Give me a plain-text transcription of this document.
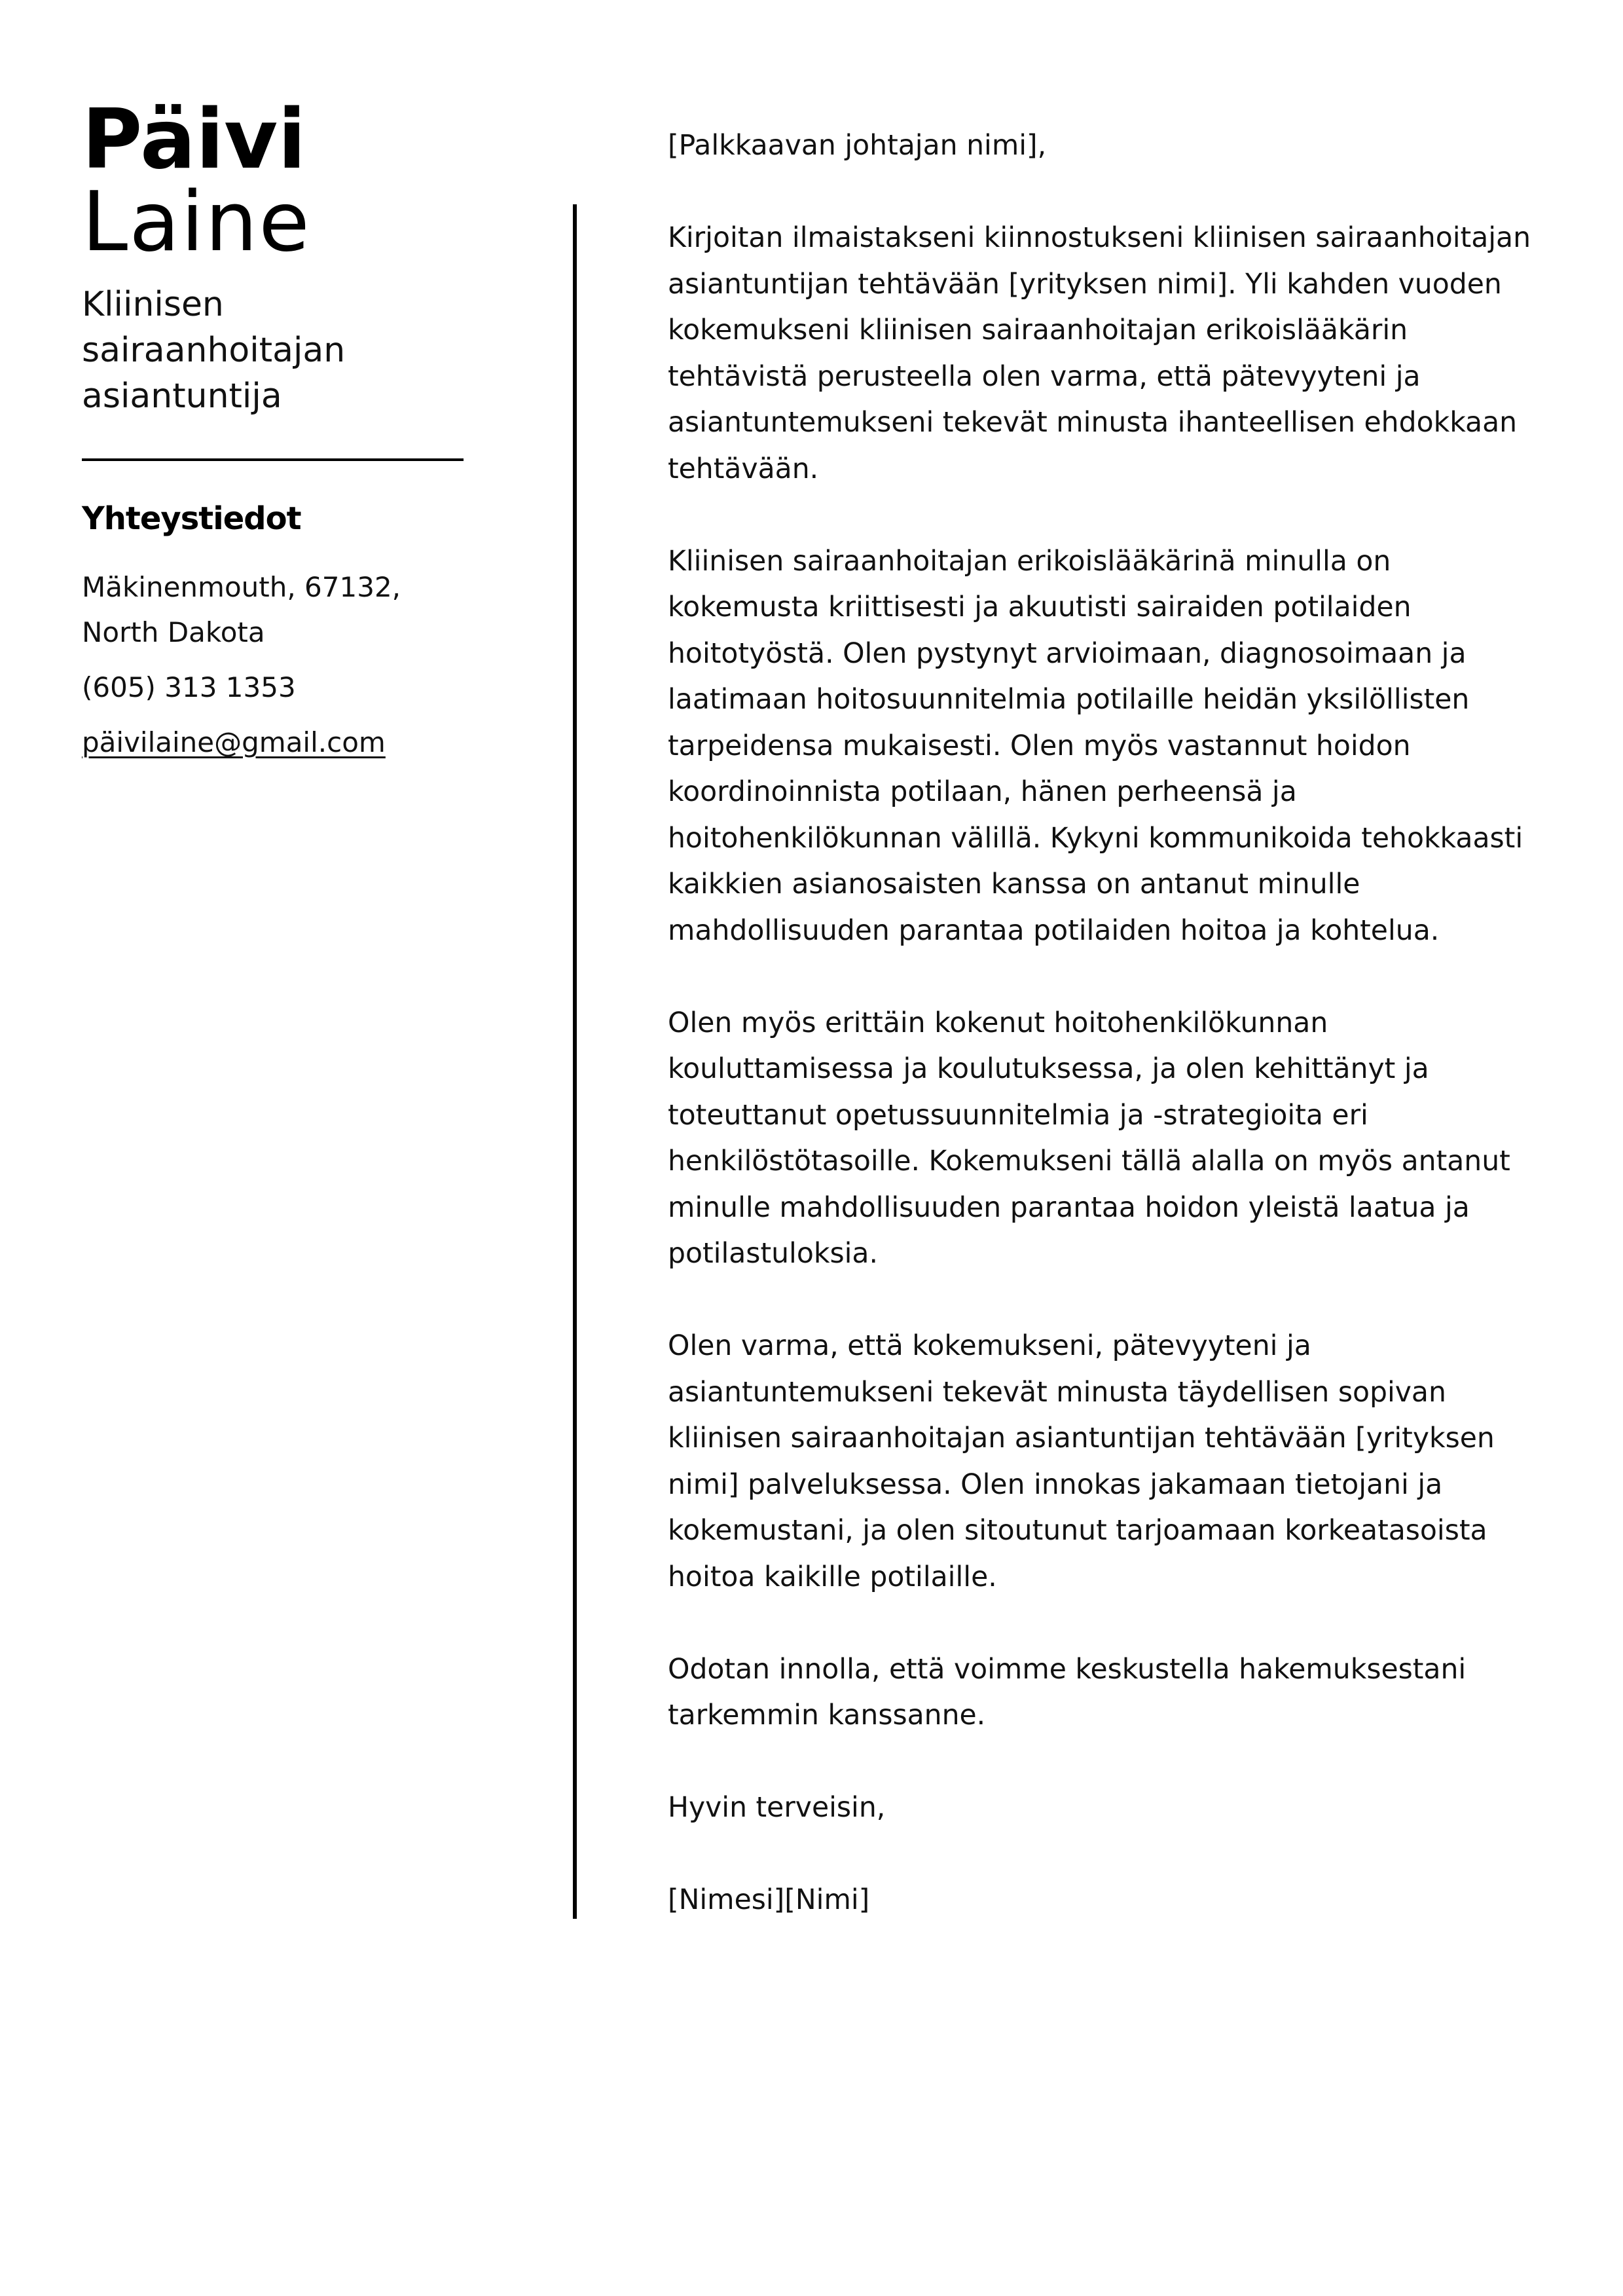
Päivi
Laine
Kliinisen sairaanhoitajan asiantuntija
Yhteystiedot
Mäkinenmouth, 67132, North Dakota
(605) 313 1353
päivilaine@gmail.com

[Palkkaavan johtajan nimi],

Kirjoitan ilmaistakseni kiinnostukseni kliinisen sairaanhoitajan asiantuntijan tehtävään [yrityksen nimi]. Yli kahden vuoden kokemukseni kliinisen sairaanhoitajan erikoislääkärin tehtävistä perusteella olen varma, että pätevyyteni ja asiantuntemukseni tekevät minusta ihanteellisen ehdokkaan tehtävään.

Kliinisen sairaanhoitajan erikoislääkärinä minulla on kokemusta kriittisesti ja akuutisti sairaiden potilaiden hoitotyöstä. Olen pystynyt arvioimaan, diagnosoimaan ja laatimaan hoitosuunnitelmia potilaille heidän yksilöllisten tarpeidensa mukaisesti. Olen myös vastannut hoidon koordinoinnista potilaan, hänen perheensä ja hoitohenkilökunnan välillä. Kykyni kommunikoida tehokkaasti kaikkien asianosaisten kanssa on antanut minulle mahdollisuuden parantaa potilaiden hoitoa ja kohtelua.

Olen myös erittäin kokenut hoitohenkilökunnan kouluttamisessa ja koulutuksessa, ja olen kehittänyt ja toteuttanut opetussuunnitelmia ja -strategioita eri henkilöstötasoille. Kokemukseni tällä alalla on myös antanut minulle mahdollisuuden parantaa hoidon yleistä laatua ja potilastuloksia.

Olen varma, että kokemukseni, pätevyyteni ja asiantuntemukseni tekevät minusta täydellisen sopivan kliinisen sairaanhoitajan asiantuntijan tehtävään [yrityksen nimi] palveluksessa. Olen innokas jakamaan tietojani ja kokemustani, ja olen sitoutunut tarjoamaan korkeatasoista hoitoa kaikille potilaille.

Odotan innolla, että voimme keskustella hakemuksestani tarkemmin kanssanne.

Hyvin terveisin,

[Nimesi][Nimi]
